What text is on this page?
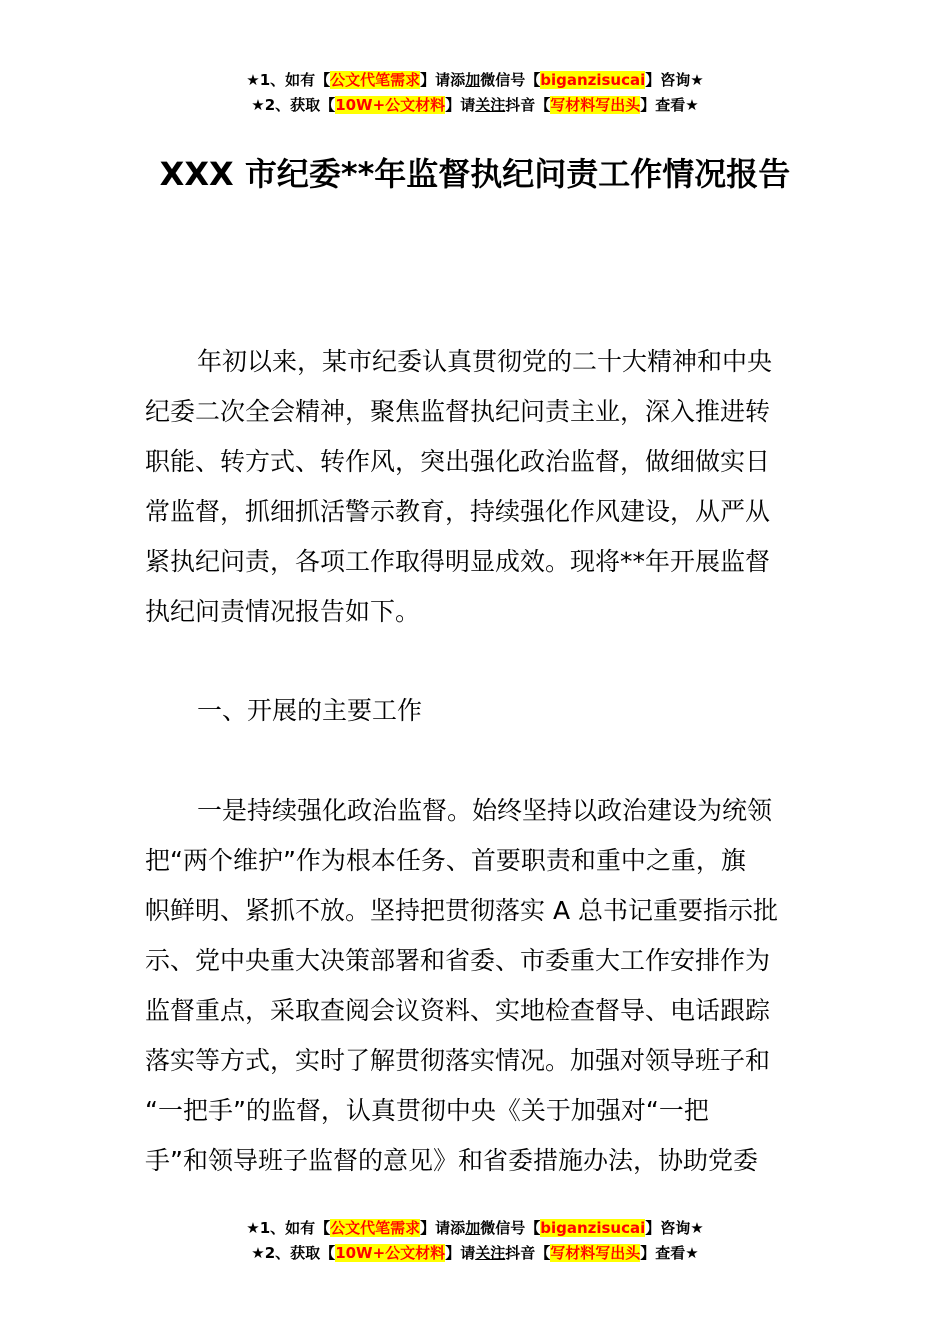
★1、如有【公文代笔需求】请添加微信号【biganzisucai】咨询★
★2、获取【10W+公文材料】请关注抖音【写材料写出头】查看★
XXX 市纪委**年监督执纪问责工作情况报告
年初以来，某市纪委认真贯彻党的二十大精神和中央
纪委二次全会精神，聚焦监督执纪问责主业，深入推进转
职能、转方式、转作风，突出强化政治监督，做细做实日
常监督，抓细抓活警示教育，持续强化作风建设，从严从
紧执纪问责，各项工作取得明显成效。现将**年开展监督
执纪问责情况报告如下。
一、开展的主要工作
一是持续强化政治监督。始终坚持以政治建设为统领
把“两个维护”作为根本任务、首要职责和重中之重，旗
帜鲜明、紧抓不放。坚持把贯彻落实 A 总书记重要指示批
示、党中央重大决策部署和省委、市委重大工作安排作为
监督重点，采取查阅会议资料、实地检查督导、电话跟踪
落实等方式，实时了解贯彻落实情况。加强对领导班子和
“一把手”的监督，认真贯彻中央《关于加强对“一把
手”和领导班子监督的意见》和省委措施办法，协助党委
★1、如有【公文代笔需求】请添加微信号【biganzisucai】咨询★
★2、获取【10W+公文材料】请关注抖音【写材料写出头】查看★
